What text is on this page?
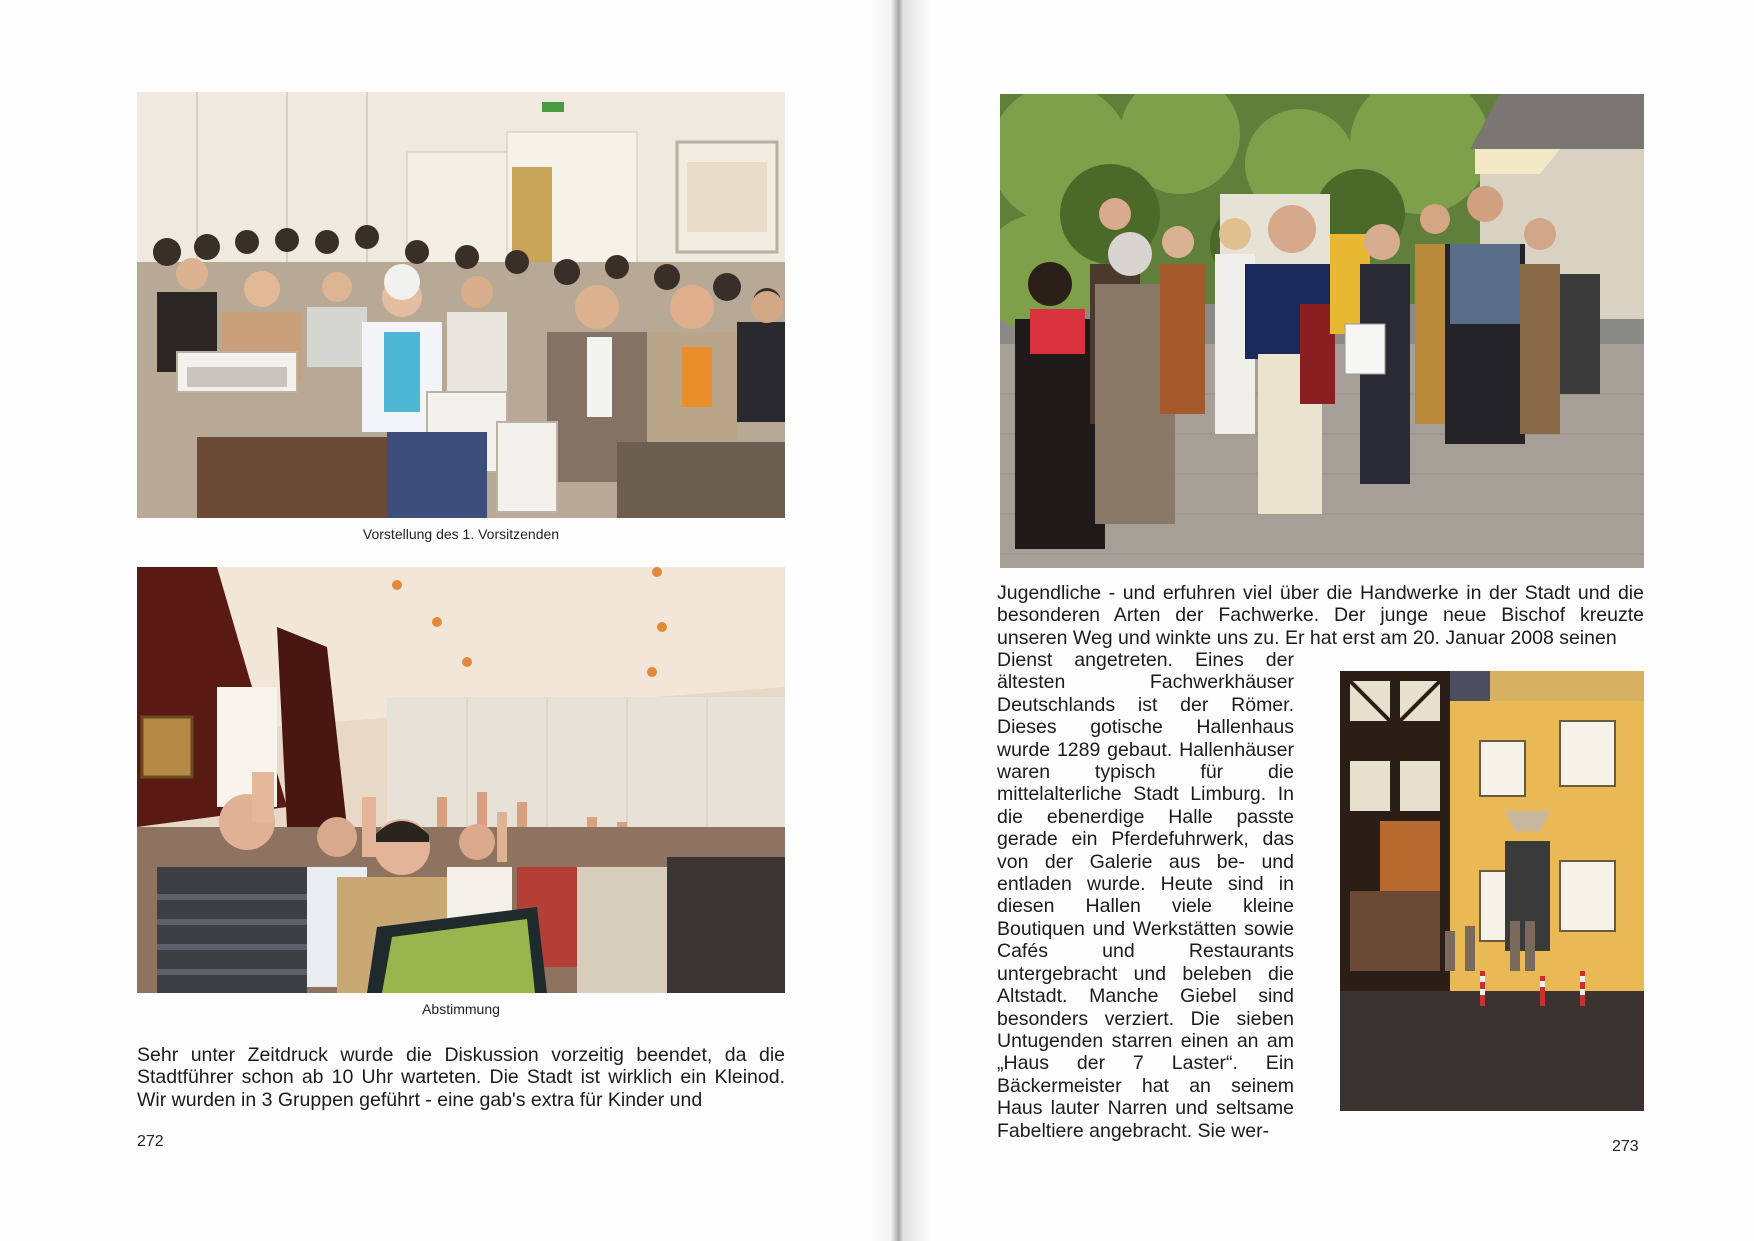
Vorstellung des 1. Vorsitzenden
Abstimmung

Sehr unter Zeitdruck wurde die Diskussion vorzeitig beendet, da die Stadtführer schon ab 10 Uhr warteten. Die Stadt ist wirklich ein Kleinod. Wir wurden in 3 Gruppen geführt - eine gab's extra für Kinder und

272

Jugendliche - und erfuhren viel über die Handwerke in der Stadt und die besonderen Arten der Fachwerke. Der junge neue Bischof kreuzte unseren Weg und winkte uns zu. Er hat erst am 20. Januar 2008 seinen

Dienst angetreten. Eines der ältesten Fachwerkhäuser Deutschlands ist der Römer. Dieses gotische Hallenhaus wurde 1289 gebaut. Hallenhäuser waren typisch für die mittelalterliche Stadt Limburg. In die ebenerdige Halle passte gerade ein Pferdefuhrwerk, das von der Galerie aus be- und entladen wurde. Heute sind in diesen Hallen viele kleine Boutiquen und Werkstätten sowie Cafés und Restaurants untergebracht und beleben die Altstadt. Manche Giebel sind besonders verziert. Die sieben Untugenden starren einen an am „Haus der 7 Laster“. Ein Bäckermeister hat an seinem Haus lauter Narren und seltsame Fabeltiere angebracht. Sie wer-

273
